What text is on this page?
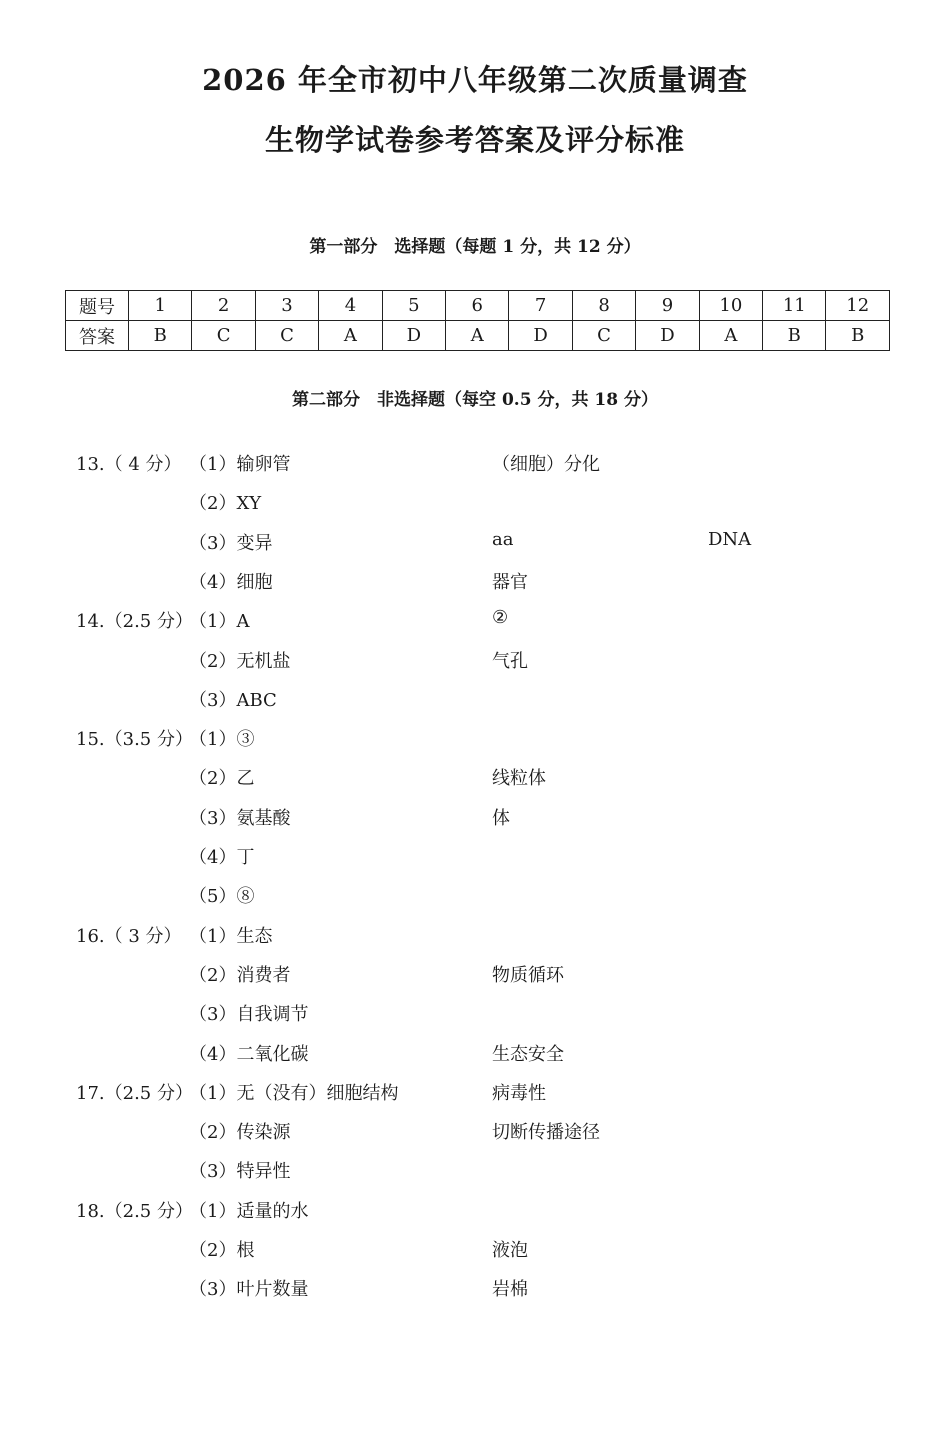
2026 年全市初中八年级第二次质量调查
生物学试卷参考答案及评分标准
第一部分　选择题（每题 1 分，共 12 分）
题号	1	2	3	4	5	6	7	8	9	10	11	12
答案	B	C	C	A	D	A	D	C	D	A	B	B
第二部分　非选择题（每空 0.5 分，共 18 分）
13.（ 4 分） （1）输卵管	（细胞）分化
（2）XY
（3）变异	aa	DNA
（4）细胞	器官
14.（2.5 分）
（1）A	②
（2）无机盐	气孔
（3）ABC
15.（3.5 分）
（1）③
（2）乙	线粒体
（3）氨基酸	体
（4）丁
（5）⑧
16.（ 3 分） （1）生态
（2）消费者	物质循环
（3）自我调节
（4）二氧化碳	生态安全
17.（2.5 分）
（1）无（没有）细胞结构	病毒性
（2）传染源	切断传播途径
（3）特异性
18.（2.5 分）
（1）适量的水
（2）根	液泡
（3）叶片数量	岩棉
